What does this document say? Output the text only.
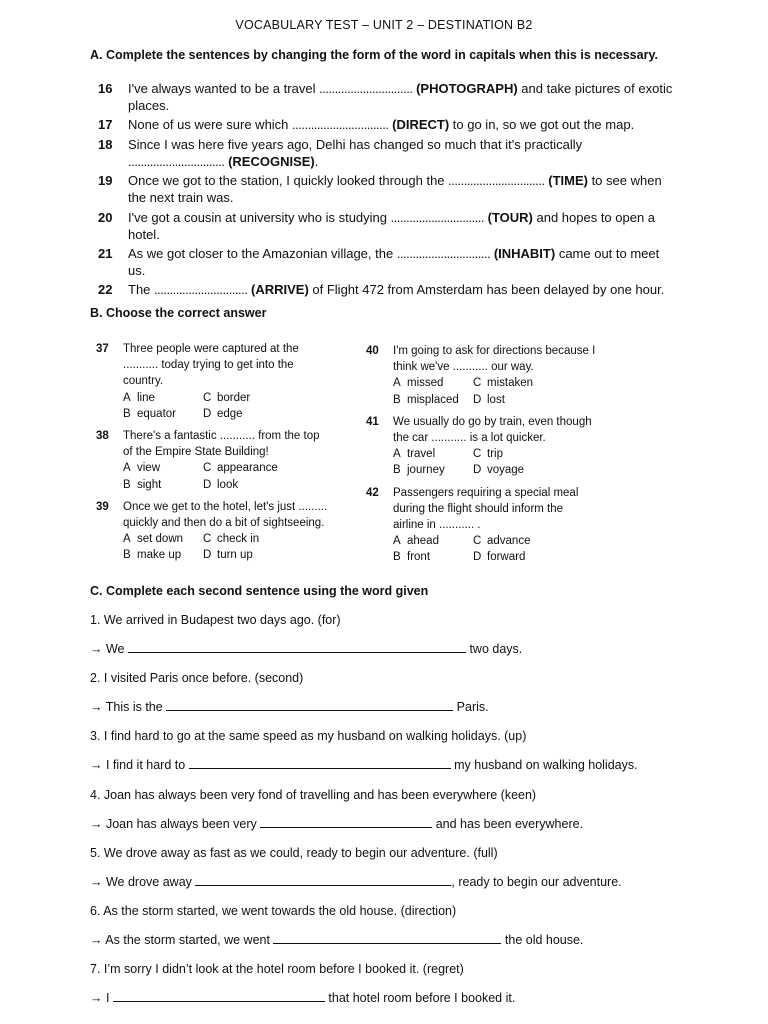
VOCABULARY TEST – UNIT 2 – DESTINATION B2
A. Complete the sentences by changing the form of the word in capitals when this is necessary.
16	I've always wanted to be a travel .............................. (PHOTOGRAPH) and take pictures of exotic places.
17	None of us were sure which ............................... (DIRECT) to go in, so we got out the map.
18	Since I was here five years ago, Delhi has changed so much that it's practically ............................... (RECOGNISE).
19	Once we got to the station, I quickly looked through the ............................... (TIME) to see when the next train was.
20	I've got a cousin at university who is studying .............................. (TOUR) and hopes to open a hotel.
21	As we got closer to the Amazonian village, the .............................. (INHABIT) came out to meet us.
22	The .............................. (ARRIVE) of Flight 472 from Amsterdam has been delayed by one hour.
B. Choose the correct answer
37	Three people were captured at the
........... today trying to get into the
country.
A line	C border
B equator	D edge
38	There's a fantastic ........... from the top
of the Empire State Building!
A view	C appearance
B sight	D look
39	Once we get to the hotel, let's just .........
quickly and then do a bit of sightseeing.
A set down	C check in
B make up	D turn up
40	I'm going to ask for directions because I
think we've ........... our way.
A missed	C mistaken
B misplaced	D lost
41	We usually do go by train, even though
the car ........... is a lot quicker.
A travel	C trip
B journey	D voyage
42	Passengers requiring a special meal
during the flight should inform the
airline in ........... .
A ahead	C advance
B front	D forward
C. Complete each second sentence using the word given
1. We arrived in Budapest two days ago. (for)
→ We	two days.
2. I visited Paris once before. (second)
→ This is the	Paris.
3. I find hard to go at the same speed as my husband on walking holidays. (up)
→ I find it hard to	my husband on walking holidays.
4. Joan has always been very fond of travelling and has been everywhere (keen)
→ Joan has always been very	and has been everywhere.
5. We drove away as fast as we could, ready to begin our adventure. (full)
→ We drove away	, ready to begin our adventure.
6. As the storm started, we went towards the old house. (direction)
→ As the storm started, we went	the old house.
7. I’m sorry I didn’t look at the hotel room before I booked it. (regret)
→ I	that hotel room before I booked it.
